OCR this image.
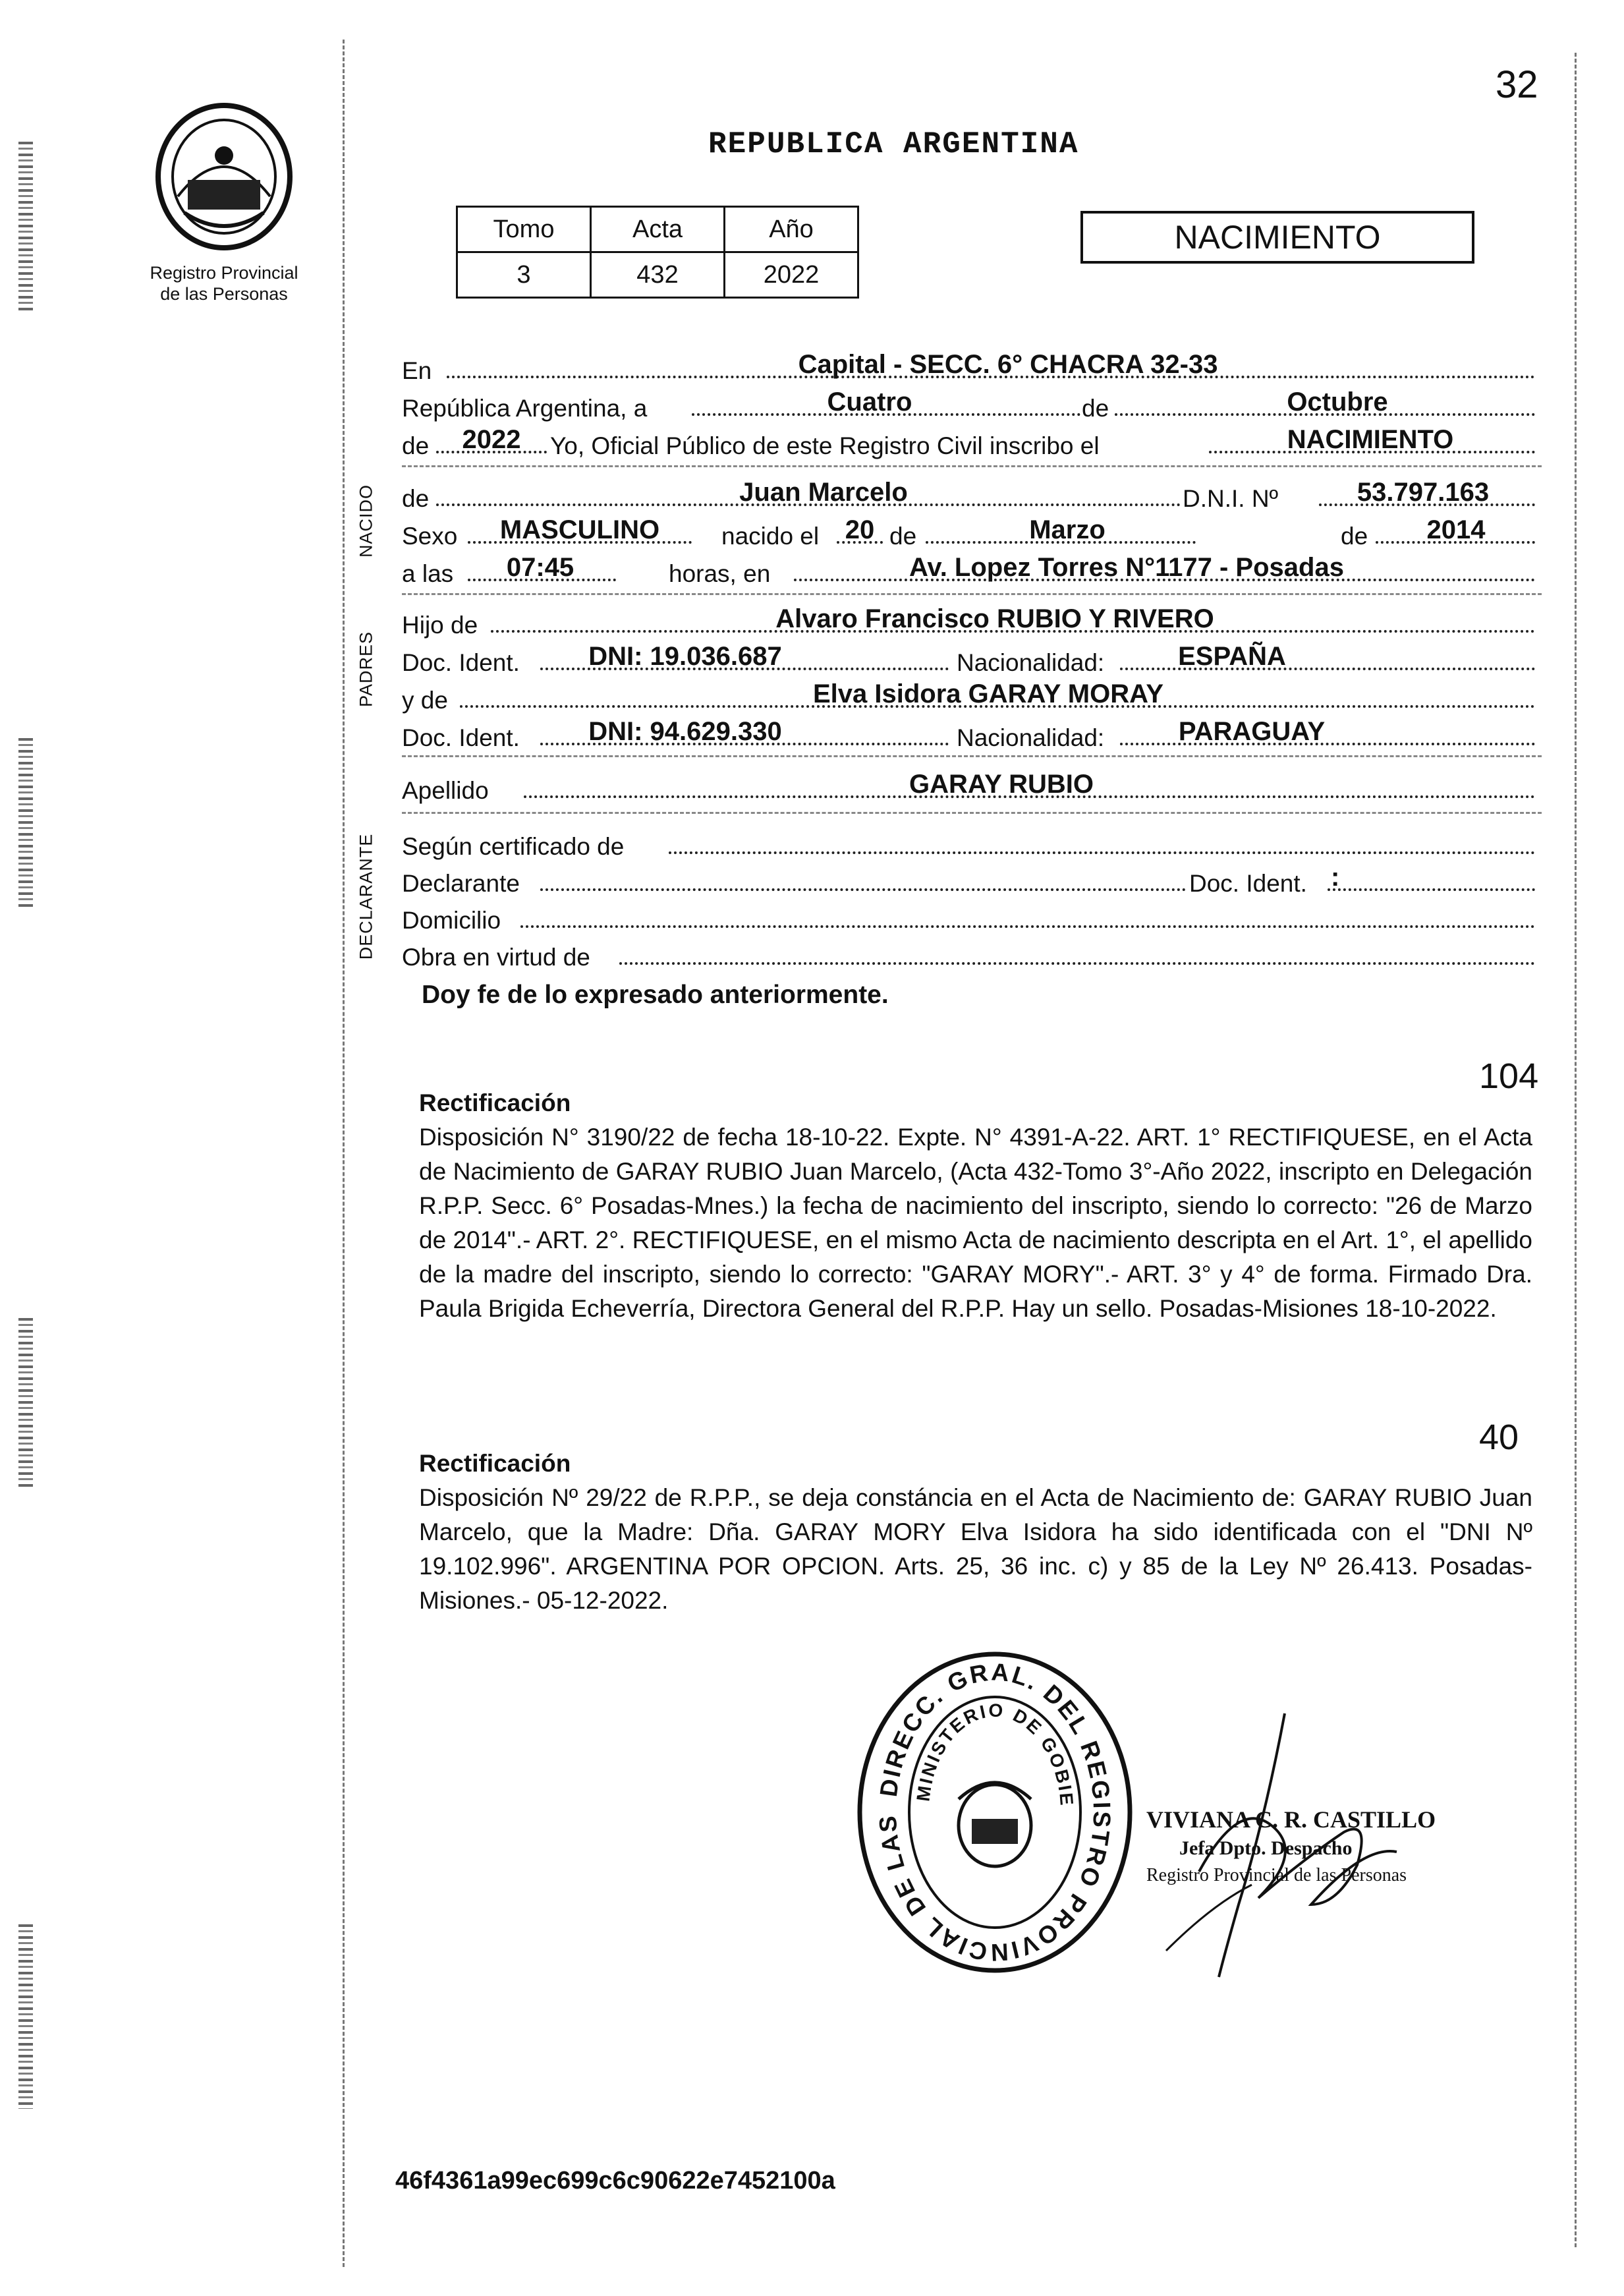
32
Registro Provincial
de las Personas
REPUBLICA ARGENTINA
Tomo	Acta	Año
3	432	2022
NACIMIENTO
En	Capital - SECC. 6° CHACRA 32-33
República Argentina, a	Cuatro	de	Octubre
de	2022	Yo, Oficial Público de este Registro Civil inscribo el	NACIMIENTO
NACIDO de	Juan Marcelo	D.N.I. Nº	53.797.163
Sexo	MASCULINO	nacido el 20 de	Marzo	de	2014
a las	07:45	horas, en	Av. Lopez Torres N°1177 - Posadas
PADRES
Hijo de	Alvaro Francisco RUBIO Y RIVERO
Doc. Ident.	DNI: 19.036.687	Nacionalidad:	ESPAÑA
y de	Elva Isidora GARAY MORAY
Doc. Ident.	DNI: 94.629.330	Nacionalidad:	PARAGUAY
Apellido	GARAY RUBIO
DECLARANTE Según certificado de
Declarante	Doc. Ident. :
Domicilio
Obra en virtud de
Doy fe de lo expresado anteriormente.
104
Rectificación
Disposición N° 3190/22 de fecha 18-10-22. Expte. N° 4391-A-22. ART. 1° RECTIFIQUESE, en el Acta de Nacimiento de GARAY RUBIO Juan Marcelo, (Acta 432-Tomo 3°-Año 2022, inscripto en Delegación R.P.P. Secc. 6° Posadas-Mnes.) la fecha de nacimiento del inscripto, siendo lo correcto: "26 de Marzo de 2014".- ART. 2°. RECTIFIQUESE, en el mismo Acta de nacimiento descripta en el Art. 1°, el apellido de la madre del inscripto, siendo lo correcto: "GARAY MORY".- ART. 3° y 4° de forma. Firmado Dra. Paula Brigida Echeverría, Directora General del R.P.P. Hay un sello. Posadas-Misiones 18-10-2022.
40
Rectificación
Disposición Nº 29/22 de R.P.P., se deja constáncia en el Acta de Nacimiento de: GARAY RUBIO Juan Marcelo, que la Madre: Dña. GARAY MORY Elva Isidora ha sido identificada con el "DNI Nº 19.102.996". ARGENTINA POR OPCION. Arts. 25, 36 inc. c) y 85 de la Ley Nº 26.413. Posadas- Misiones.- 05-12-2022.
DIRECC. GRAL. DEL REGISTRO PROVINCIAL DE LAS
MINISTERIO DE GOBIE
VIVIANA C. R. CASTILLO
Jefa Dpto. Despacho
Registro Provincial de las Personas
46f4361a99ec699c6c90622e7452100a
